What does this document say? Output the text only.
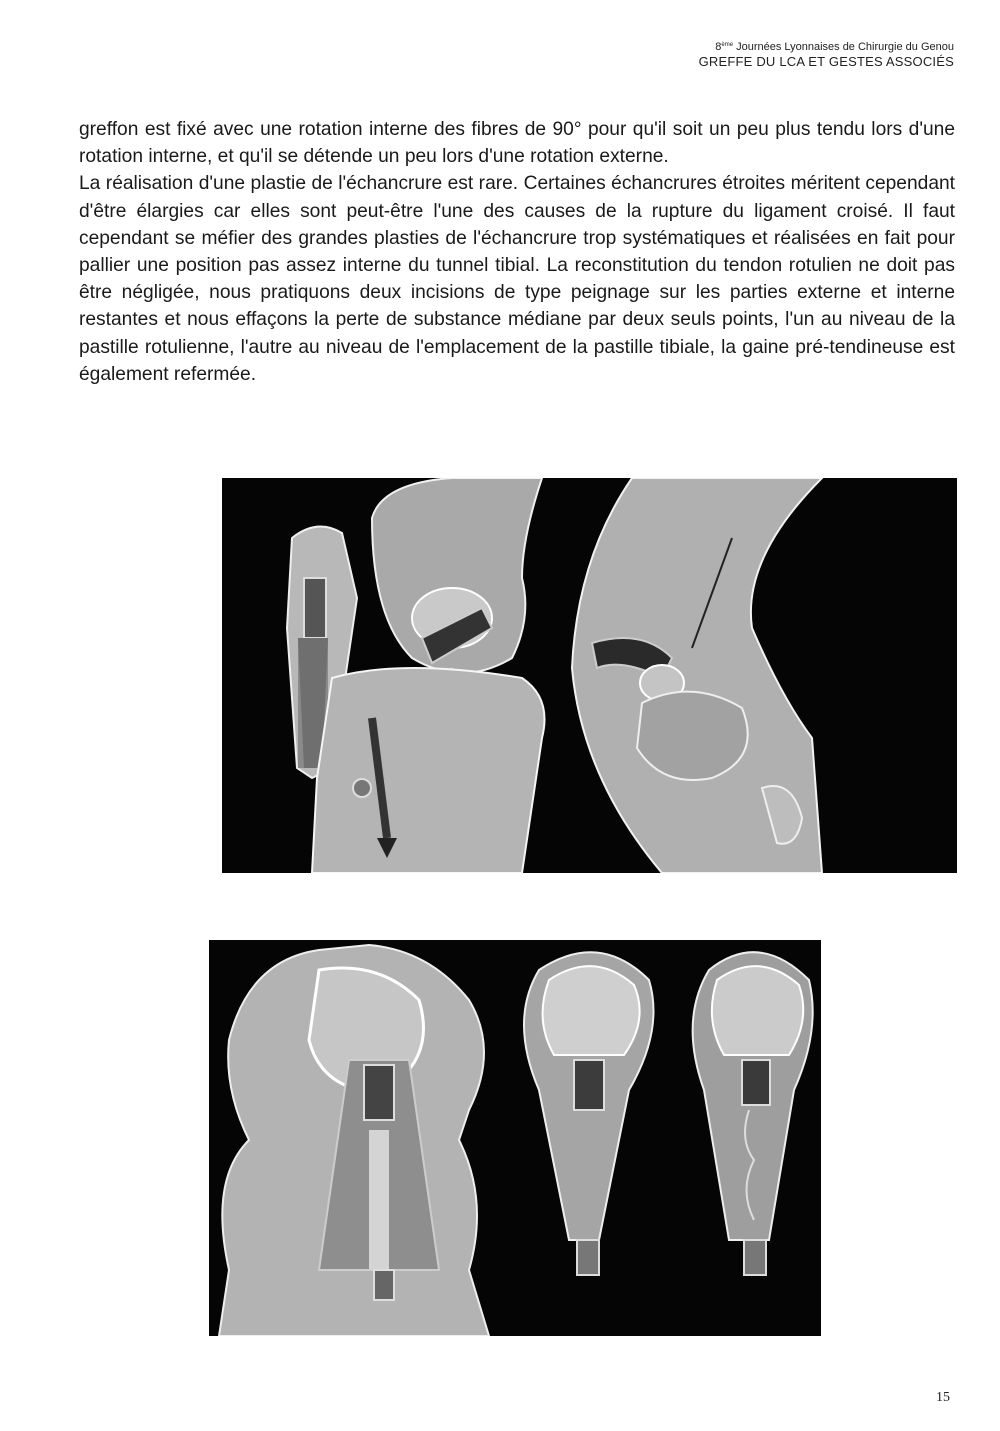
8ème Journées Lyonnaises de Chirurgie du Genou
GREFFE DU LCA ET GESTES ASSOCIÉS

greffon est fixé avec une rotation interne des fibres de 90° pour qu'il soit un peu plus tendu lors d'une rotation interne, et qu'il se détende un peu lors d'une rotation externe.

La réalisation d'une plastie de l'échancrure est rare. Certaines échancrures étroites méritent cependant d'être élargies car elles sont peut-être l'une des causes de la rupture du ligament croisé. Il faut cependant se méfier des grandes plasties de l'échancrure trop systématiques et réalisées en fait pour pallier une position pas assez interne du tunnel tibial. La reconstitution du tendon rotulien ne doit pas être négligée, nous pratiquons deux incisions de type peignage sur les parties externe et interne restantes et nous effaçons la perte de substance médiane par deux seuls points, l'un au niveau de la pastille rotulienne, l'autre au niveau de l'emplacement de la pastille tibiale, la gaine pré-tendineuse est également refermée.

15
